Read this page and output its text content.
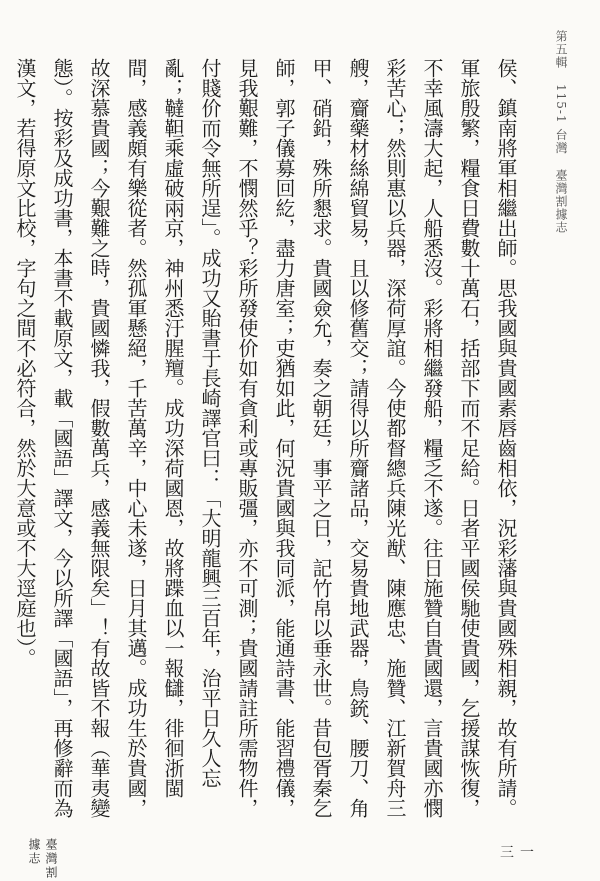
第五輯 115-1 台灣 臺灣割據志

侯、鎮南將軍相繼出師。思我國與貴國素唇齒相依，況彩藩與貴國殊相親，故有所請。軍旅殷繁，糧食日費數十萬石，括部下而不足給。日者平國侯馳使貴國，乞援謀恢復，不幸風濤大起，人船悉沒。彩將相繼發船，糧乏不遂。往日施贊自貴國還，言貴國亦憫彩苦心；然則惠以兵器，深荷厚誼。今使都督總兵陳光猷、陳應忠、施贊、江新賀舟三艘，齎藥材絲綿貿易，且以修舊交；請得以所齎諸品，交易貴地武器，鳥銃、腰刀、角甲、硝鉛，殊所懇求。貴國僉允，奏之朝廷，事平之日，記竹帛以垂永世。昔包胥秦乞師，郭子儀募回紇，盡力唐室；吏猶如此，何況貴國與我同派，能通詩書、能習禮儀，見我艱難，不憫然乎？彩所發使价如有貪利或專販彊，亦不可測；貴國請註所需物件，付賤价而令無所逞」。成功又貽書于長崎譯官曰：「大明龍興三百年，治平日久人忘亂；韃靼乘虛破兩京，神州悉汙腥羶。成功深荷國恩，故將蹀血以一報讎，徘徊浙閩間，感義頗有樂從者。然孤軍懸絕，千苦萬辛，中心未遂，日月其邁。成功生於貴國，故深慕貴國；今艱難之時，貴國憐我，假數萬兵，感義無限矣」！有故皆不報（華夷變態）。按彩及成功書，本書不載原文，載「國語」譯文，今以所譯「國語」，再修辭而為漢文，若得原文比校，字句之間不必符合，然於大意或不大逕庭也）。

臺灣割據志	三一
